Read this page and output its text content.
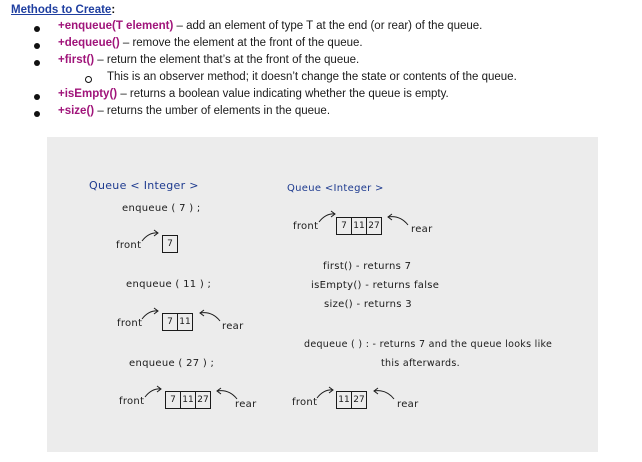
Methods to Create:
+enqueue(T element) – add an element of type T at the end (or rear) of the queue.
+dequeue() – remove the element at the front of the queue.
+first() – return the element that’s at the front of the queue.
This is an observer method; it doesn’t change the state or contents of the queue.
+isEmpty() – returns a boolean value indicating whether the queue is empty.
+size() – returns the umber of elements in the queue.
Queue < Integer >
enqueue ( 7 ) ;
front	7
enqueue ( 11 ) ;
front	7 11	rear
enqueue ( 27 ) ;
front	7 11 27	rear
Queue <Integer >
front	7 11 27	rear
first() - returns 7
isEmpty() - returns false
size() - returns 3
dequeue ( ) : - returns 7 and the queue looks like
this afterwards.
front 11 27	rear
